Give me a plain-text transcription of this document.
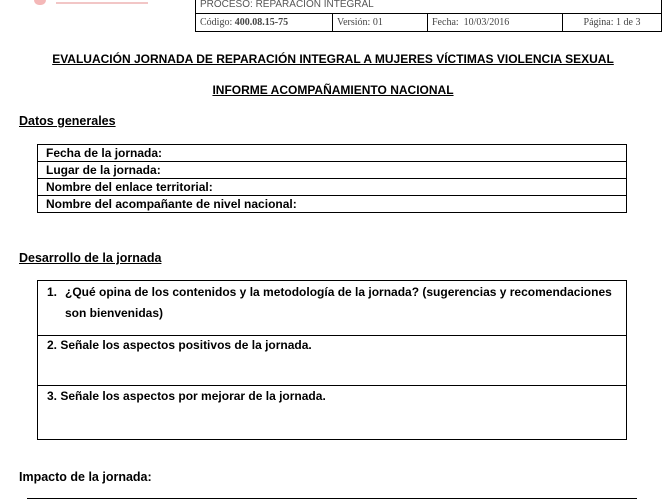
PROCESO: REPARACION INTEGRAL
Código: 400.08.15-75	Versión: 01	Fecha: 10/03/2016	Página: 1 de 3
EVALUACIÓN JORNADA DE REPARACIÓN INTEGRAL A MUJERES VÍCTIMAS VIOLENCIA SEXUAL
INFORME ACOMPAÑAMIENTO NACIONAL
Datos generales
Fecha de la jornada:
Lugar de la jornada:
Nombre del enlace territorial:
Nombre del acompañante de nivel nacional:
Desarrollo de la jornada
1. ¿Qué opina de los contenidos y la metodología de la jornada? (sugerencias y recomendaciones son bienvenidas)

2. Señale los aspectos positivos de la jornada.
3. Señale los aspectos por mejorar de la jornada.
Impacto de la jornada:
